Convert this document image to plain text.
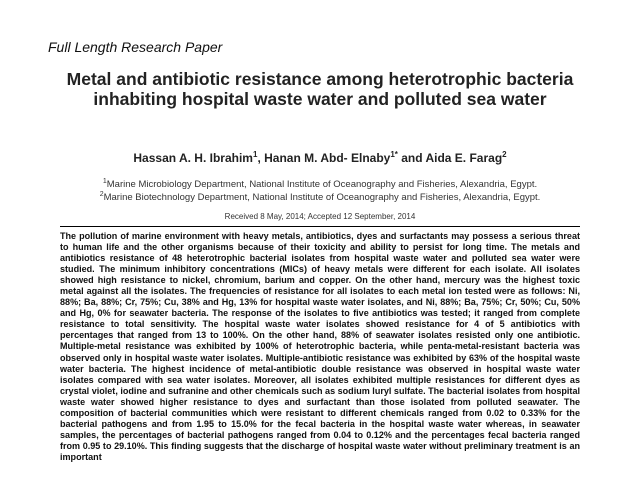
Full Length Research Paper
Metal and antibiotic resistance among heterotrophic bacteria inhabiting hospital waste water and polluted sea water
Hassan A. H. Ibrahim$^1$, Hanan M. Abd- Elnaby$^{1*}$ and Aida E. Farag$^2$
$^1$Marine Microbiology Department, National Institute of Oceanography and Fisheries, Alexandria, Egypt.
$^2$Marine Biotechnology Department, National Institute of Oceanography and Fisheries, Alexandria, Egypt.
Received 8 May, 2014; Accepted 12 September, 2014

The pollution of marine environment with heavy metals, antibiotics, dyes and surfactants may possess a serious threat to human life and the other organisms because of their toxicity and ability to persist for long time. The metals and antibiotics resistance of 48 heterotrophic bacterial isolates from hospital waste water and polluted sea water were studied. The minimum inhibitory concentrations (MICs) of heavy metals were different for each isolate. All isolates showed high resistance to nickel, chromium, barium and copper. On the other hand, mercury was the highest toxic metal against all the isolates. The frequencies of resistance for all isolates to each metal ion tested were as follows: Ni, 88%; Ba, 88%; Cr, 75%; Cu, 38% and Hg, 13% for hospital waste water isolates, and Ni, 88%; Ba, 75%; Cr, 50%; Cu, 50% and Hg, 0% for seawater bacteria. The response of the isolates to five antibiotics was tested; it ranged from complete resistance to total sensitivity. The hospital waste water isolates showed resistance for 4 of 5 antibiotics with percentages that ranged from 13 to 100%. On the other hand, 88% of seawater isolates resisted only one antibiotic. Multiple-metal resistance was exhibited by 100% of heterotrophic bacteria, while penta-metal-resistant bacteria was observed only in hospital waste water isolates. Multiple-antibiotic resistance was exhibited by 63% of the hospital waste water bacteria. The highest incidence of metal-antibiotic double resistance was observed in hospital waste water isolates compared with sea water isolates. Moreover, all isolates exhibited multiple resistances for different dyes as crystal violet, iodine and sufranine and other chemicals such as sodium luryl sulfate. The bacterial isolates from hospital waste water showed higher resistance to dyes and surfactant than those isolated from polluted seawater. The composition of bacterial communities which were resistant to different chemicals ranged from 0.02 to 0.33% for the bacterial pathogens and from 1.95 to 15.0% for the fecal bacteria in the hospital waste water whereas, in seawater samples, the percentages of bacterial pathogens ranged from 0.04 to 0.12% and the percentages fecal bacteria ranged from 0.95 to 29.10%. This finding suggests that the discharge of hospital waste water without preliminary treatment is an important
